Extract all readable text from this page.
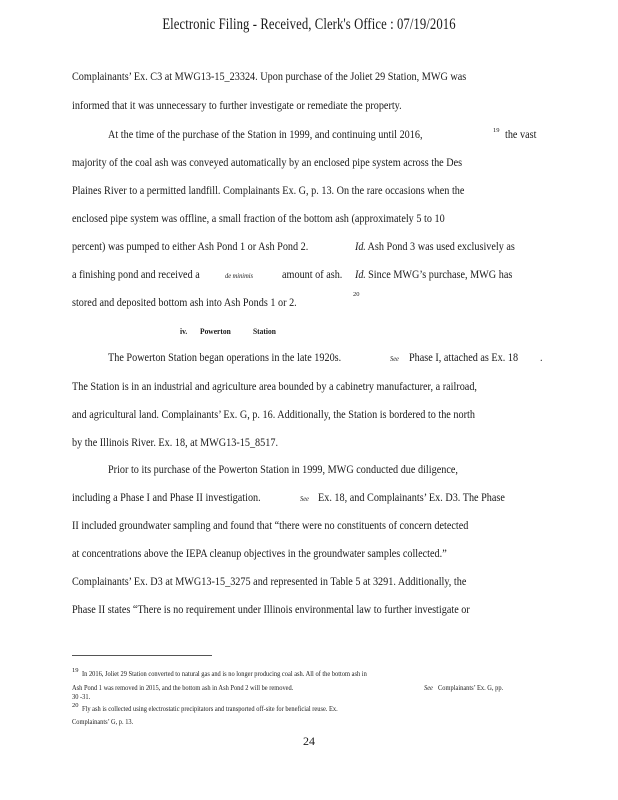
Electronic Filing - Received, Clerk's Office : 07/19/2016
Complainants’ Ex. C3 at MWG13-15_23324. Upon purchase of the Joliet 29 Station, MWG was
informed that it was unnecessary to further investigate or remediate the property.
At the time of the purchase of the Station in 1999, and continuing until 2016,	19 the vast
majority of the coal ash was conveyed automatically by an enclosed pipe system across the Des
Plaines River to a permitted landfill. Complainants Ex. G, p. 13. On the rare occasions when the
enclosed pipe system was offline, a small fraction of the bottom ash (approximately 5 to 10
percent) was pumped to either Ash Pond 1 or Ash Pond 2.	Id . Ash Pond 3 was used exclusively as
a finishing pond and received a	de minimis amount of ash. Id . Since MWG’s purchase, MWG has
stored and deposited bottom ash into Ash Ponds 1 or 2.
20
iv. Powerton	Station
The Powerton Station began operations in the late 1920s.	See Phase I, attached as Ex. 18 .
The Station is in an industrial and agriculture area bounded by a cabinetry manufacturer, a railroad,
and agricultural land. Complainants’ Ex. G, p. 16. Additionally, the Station is bordered to the north
by the Illinois River. Ex. 18, at MWG13-15_8517.
Prior to its purchase of the Powerton Station in 1999, MWG conducted due diligence,
including a Phase I and Phase II investigation.	See Ex. 18, and Complainants’ Ex. D3. The Phase
II included groundwater sampling and found that “there were no constituents of concern detected
at concentrations above the IEPA cleanup objectives in the groundwater samples collected.”
Complainants’ Ex. D3 at MWG13-15_3275 and represented in Table 5 at 3291. Additionally, the
Phase II states “There is no requirement under Illinois environmental law to further investigate or
19 In 2016, Joliet 29 Station converted to natural gas and is no longer producing coal ash. All of the bottom ash in
Ash Pond 1 was removed in 2015, and the bottom ash in Ash Pond 2 will be removed.	See Complainants’ Ex. G, pp.
30 -31.
20 Fly ash is collected using electrostatic precipitators and transported off-site for beneficial reuse. Ex.
Complainants’ G, p. 13.
24
